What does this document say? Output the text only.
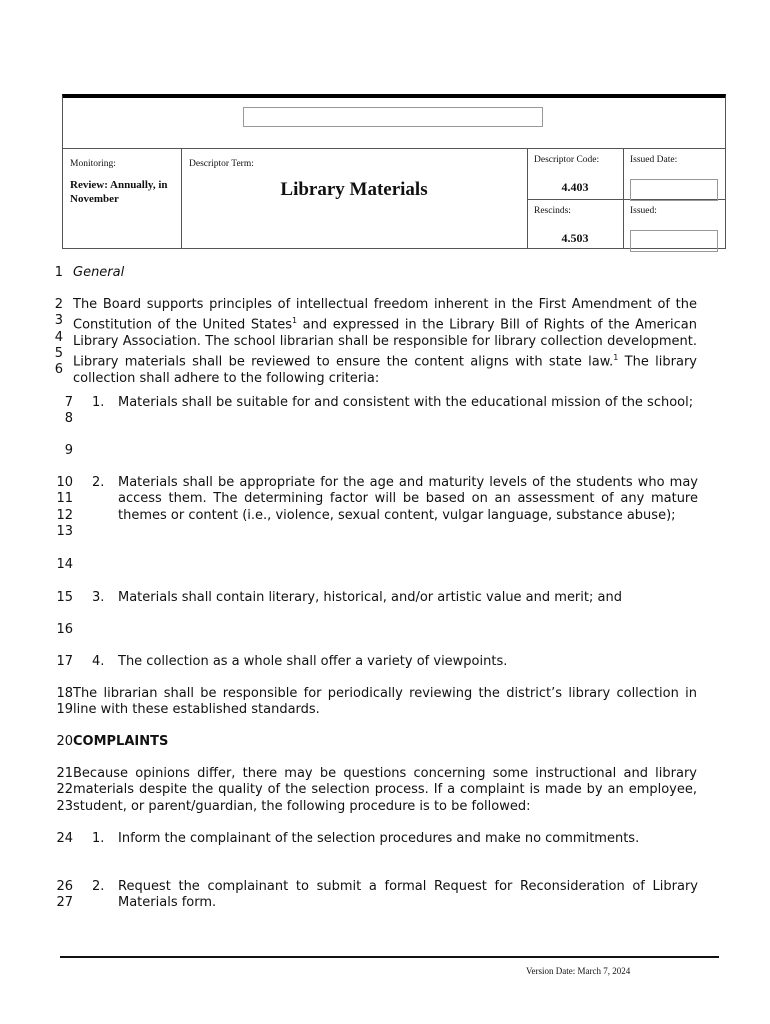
Monitoring:
Review: Annually, in November
Descriptor Term:
Library Materials
Descriptor Code:
4.403
Issued Date:
Rescinds:
4.503
Issued:
1
2
3
4
5
6
7
8
9
10
11
12
13
14
15
16
17
18
19
20
21
22
23
24
26
27
General
The Board supports principles of intellectual freedom inherent in the First Amendment of the Constitution of the United States$^1$ and expressed in the Library Bill of Rights of the American Library Association. The school librarian shall be responsible for library collection development. Library materials shall be reviewed to ensure the content aligns with state law.$^1$ The library collection shall adhere to the following criteria:
1. Materials shall be suitable for and consistent with the educational mission of the school;
2. Materials shall be appropriate for the age and maturity levels of the students who may access them. The determining factor will be based on an assessment of any mature themes or content (i.e., violence, sexual content, vulgar language, substance abuse);
3. Materials shall contain literary, historical, and/or artistic value and merit; and
4. The collection as a whole shall offer a variety of viewpoints.
The librarian shall be responsible for periodically reviewing the district’s library collection in line with these established standards.
COMPLAINTS
Because opinions differ, there may be questions concerning some instructional and library materials despite the quality of the selection process. If a complaint is made by an employee, student, or parent/guardian, the following procedure is to be followed:
1. Inform the complainant of the selection procedures and make no commitments.
2. Request the complainant to submit a formal Request for Reconsideration of Library Materials form.
Version Date: March 7, 2024
